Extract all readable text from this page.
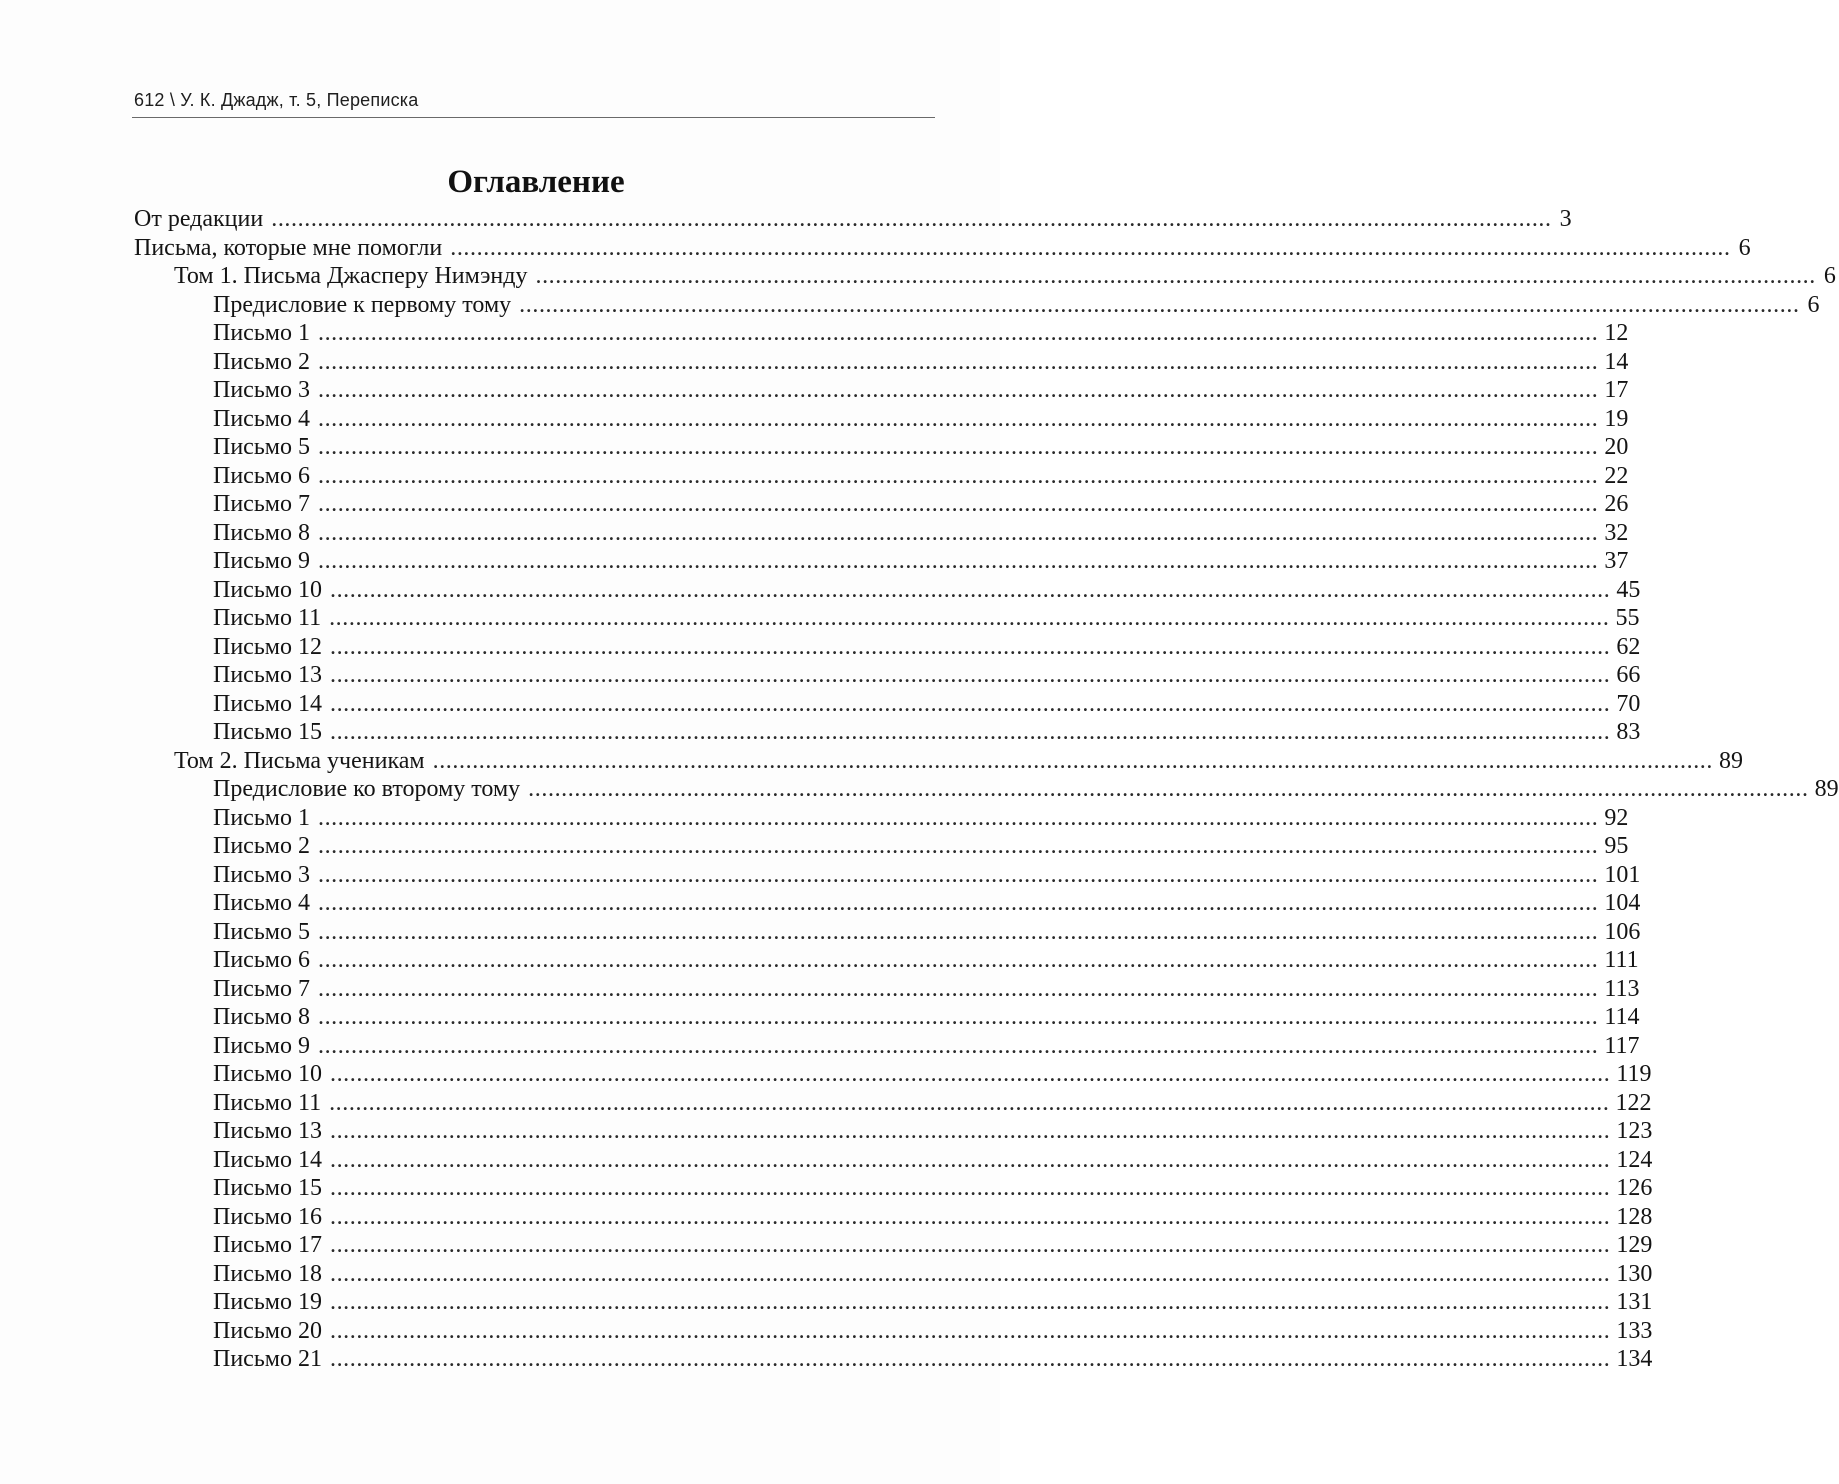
612 \ У. К. Джадж, т. 5, Переписка
Оглавление
От редакции .................................................................................................................................................................................................. 3
Письма, которые мне помогли .................................................................................................................................................................................................. 6
Том 1. Письма Джасперу Нимэнду .................................................................................................................................................................................................. 6
Предисловие к первому тому .................................................................................................................................................................................................. 6
Письмо 1 .................................................................................................................................................................................................. 12
Письмо 2 .................................................................................................................................................................................................. 14
Письмо 3 .................................................................................................................................................................................................. 17
Письмо 4 .................................................................................................................................................................................................. 19
Письмо 5 .................................................................................................................................................................................................. 20
Письмо 6 .................................................................................................................................................................................................. 22
Письмо 7 .................................................................................................................................................................................................. 26
Письмо 8 .................................................................................................................................................................................................. 32
Письмо 9 .................................................................................................................................................................................................. 37
Письмо 10 .................................................................................................................................................................................................. 45
Письмо 11 .................................................................................................................................................................................................. 55
Письмо 12 .................................................................................................................................................................................................. 62
Письмо 13 .................................................................................................................................................................................................. 66
Письмо 14 .................................................................................................................................................................................................. 70
Письмо 15 .................................................................................................................................................................................................. 83
Том 2. Письма ученикам .................................................................................................................................................................................................. 89
Предисловие ко второму тому .................................................................................................................................................................................................. 89
Письмо 1 .................................................................................................................................................................................................. 92
Письмо 2 .................................................................................................................................................................................................. 95
Письмо 3 .................................................................................................................................................................................................. 101
Письмо 4 .................................................................................................................................................................................................. 104
Письмо 5 .................................................................................................................................................................................................. 106
Письмо 6 .................................................................................................................................................................................................. 111
Письмо 7 .................................................................................................................................................................................................. 113
Письмо 8 .................................................................................................................................................................................................. 114
Письмо 9 .................................................................................................................................................................................................. 117
Письмо 10 .................................................................................................................................................................................................. 119
Письмо 11 .................................................................................................................................................................................................. 122
Письмо 13 .................................................................................................................................................................................................. 123
Письмо 14 .................................................................................................................................................................................................. 124
Письмо 15 .................................................................................................................................................................................................. 126
Письмо 16 .................................................................................................................................................................................................. 128
Письмо 17 .................................................................................................................................................................................................. 129
Письмо 18 .................................................................................................................................................................................................. 130
Письмо 19 .................................................................................................................................................................................................. 131
Письмо 20 .................................................................................................................................................................................................. 133
Письмо 21 .................................................................................................................................................................................................. 134
